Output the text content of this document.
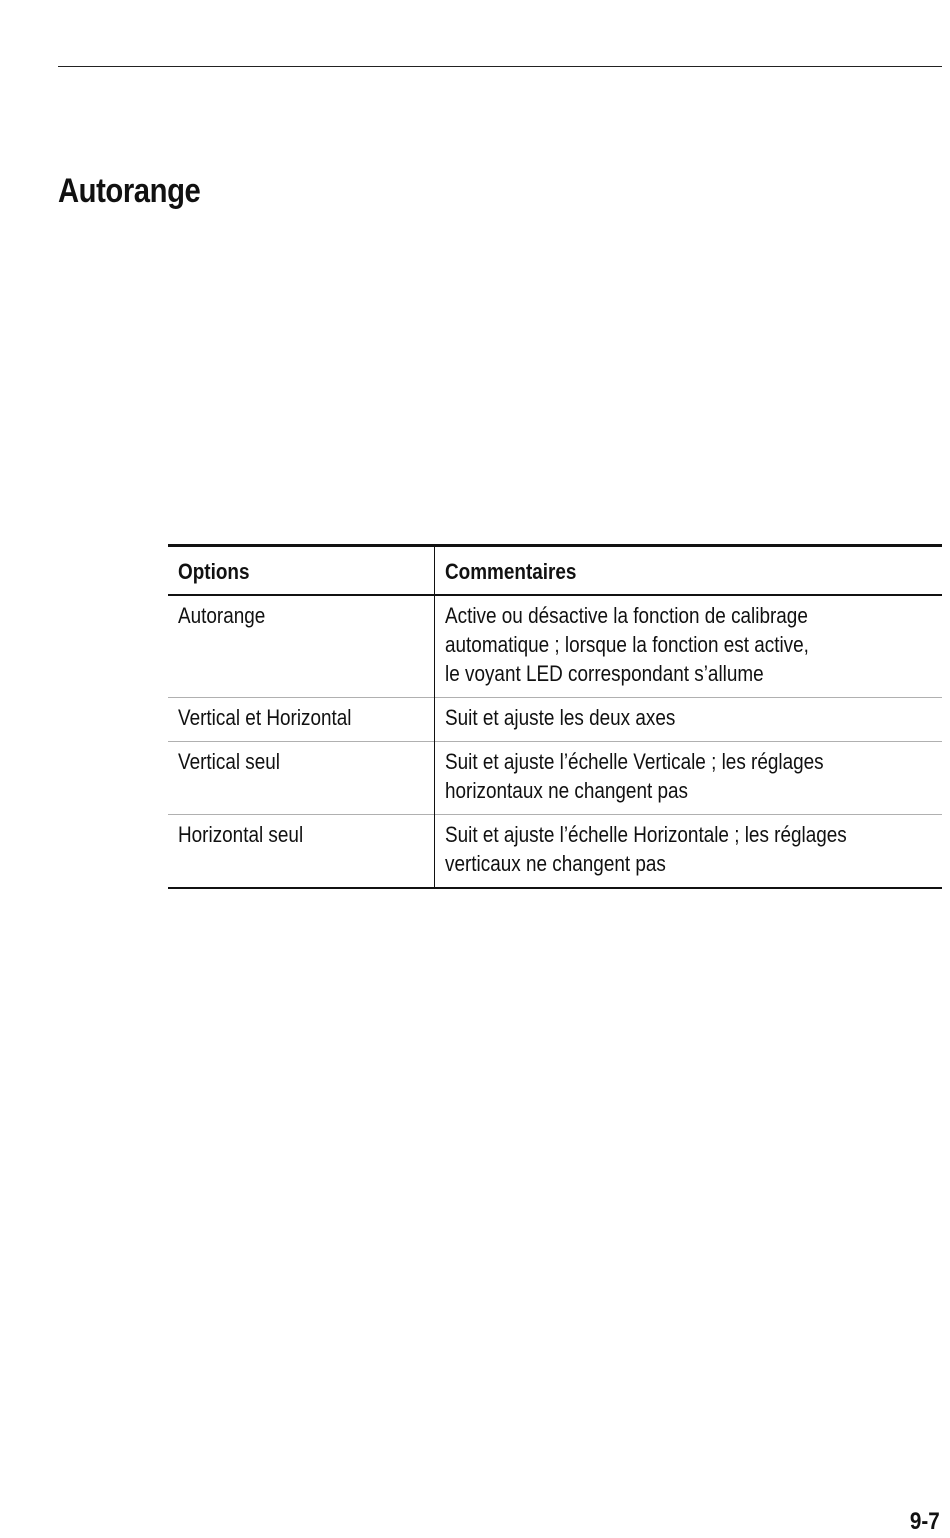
Autorange
Options	Commentaires
Autorange	Active ou désactive la fonction de calibrage
automatique ; lorsque la fonction est active,
le voyant LED correspondant s’allume

Vertical et Horizontal	Suit et ajuste les deux axes

Vertical seul	Suit et ajuste l’échelle Verticale ; les réglages
horizontaux ne changent pas

Horizontal seul	Suit et ajuste l’échelle Horizontale ; les réglages
verticaux ne changent pas
9-7
